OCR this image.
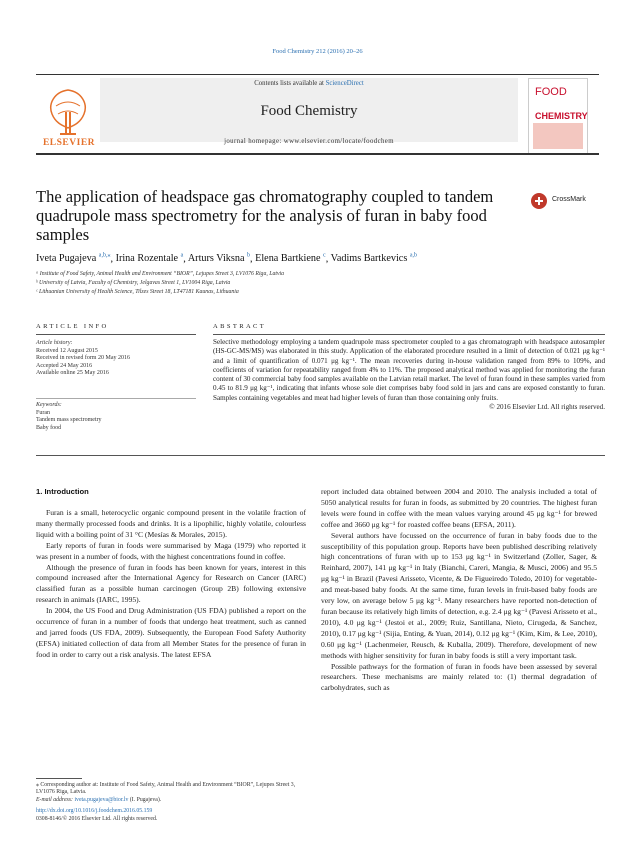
Food Chemistry 212 (2016) 20–26
Contents lists available at ScienceDirect
Food Chemistry
journal homepage: www.elsevier.com/locate/foodchem
ELSEVIER
FOOD
CHEMISTRY
The application of headspace gas chromatography coupled to tandem quadrupole mass spectrometry for the analysis of furan in baby food samples
CrossMark
Iveta Pugajeva $^{a,b,⁎}$, Irina Rozentale $^a$, Arturs Viksna $^b$, Elena Bartkiene $^c$, Vadims Bartkevics $^{a,b}$
ᵃ Institute of Food Safety, Animal Health and Environment “BIOR”, Lejupes Street 3, LV1076 Riga, Latvia
ᵇ University of Latvia, Faculty of Chemistry, Jelgavas Street 1, LV1004 Riga, Latvia
ᶜ Lithuanian University of Health Science, Tilzes Street 18, LT47181 Kaunas, Lithuania
ARTICLE INFO	ABSTRACT
Article history:
Received 12 August 2015
Received in revised form 20 May 2016
Accepted 24 May 2016
Available online 25 May 2016
Keywords:
Furan
Tandem mass spectrometry
Baby food
Selective methodology employing a tandem quadrupole mass spectrometer coupled to a gas chromatograph with headspace autosampler (HS-GC-MS/MS) was elaborated in this study. Application of the elaborated procedure resulted in a limit of detection of 0.021 μg kg⁻¹ and a limit of quantification of 0.071 μg kg⁻¹. The mean recoveries during in-house validation ranged from 89% to 109%, and coefficients of variation for repeatability ranged from 4% to 11%. The proposed analytical method was applied for monitoring the furan content of 30 commercial baby food samples available on the Latvian retail market. The level of furan found in these samples varied from 0.45 to 81.9 μg kg⁻¹, indicating that infants whose sole diet comprises baby food sold in jars and cans are exposed constantly to furan. Samples containing vegetables and meat had higher levels of furan than those containing only fruits.
© 2016 Elsevier Ltd. All rights reserved.
1. Introduction

Furan is a small, heterocyclic organic compound present in the volatile fraction of many thermally processed foods and drinks. It is a lipophilic, highly volatile, colourless liquid with a boiling point of 31 °C (Mesías & Morales, 2015).

Early reports of furan in foods were summarised by Maga (1979) who reported it was present in a number of foods, with the highest concentrations found in coffee.

Although the presence of furan in foods has been known for years, interest in this compound increased after the International Agency for Research on Cancer (IARC) classified furan as a possible human carcinogen (Group 2B) following extensive research in animals (IARC, 1995).

In 2004, the US Food and Drug Administration (US FDA) published a report on the occurrence of furan in a number of foods that undergo heat treatment, such as canned and jarred foods (US FDA, 2009). Subsequently, the European Food Safety Authority (EFSA) initiated collection of data from all Member States for the presence of furan in food in order to carry out a risk analysis. The latest EFSA

report included data obtained between 2004 and 2010. The analysis included a total of 5050 analytical results for furan in foods, as submitted by 20 countries. The highest furan levels were found in coffee with the mean values varying around 45 μg kg⁻¹ for brewed coffee and 3660 μg kg⁻¹ for roasted coffee beans (EFSA, 2011).

Several authors have focussed on the occurrence of furan in baby foods due to the susceptibility of this population group. Reports have been published describing relatively high concentrations of furan with up to 153 μg kg⁻¹ in Switzerland (Zoller, Sager, & Reinhard, 2007), 141 μg kg⁻¹ in Italy (Bianchi, Careri, Mangia, & Musci, 2006) and 95.5 μg kg⁻¹ in Brazil (Pavesi Arisseto, Vicente, & De Figueiredo Toledo, 2010) for vegetable- and meat-based baby foods. At the same time, furan levels in fruit-based baby foods are very low, on average below 5 μg kg⁻¹. Many researchers have reported non-detection of furan because its relatively high limits of detection, e.g. 2.4 μg kg⁻¹ (Pavesi Arisseto et al., 2010), 4.0 μg kg⁻¹ (Jestoi et al., 2009; Ruiz, Santillana, Nieto, Cirugeda, & Sanchez, 2010), 0.17 μg kg⁻¹ (Sijia, Enting, & Yuan, 2014), 0.12 μg kg⁻¹ (Kim, Kim, & Lee, 2010), 0.60 μg kg⁻¹ (Lachenmeier, Reusch, & Kuballa, 2009). Therefore, development of new methods with higher sensitivity for furan in baby foods is still a very important task.

Possible pathways for the formation of furan in foods have been assessed by several researchers. These mechanisms are mainly related to: (1) thermal degradation of carbohydrates, such as

⁎ Corresponding author at: Institute of Food Safety, Animal Health and Environment “BIOR”, Lejupes Street 3, LV1076 Riga, Latvia.
E-mail address: iveta.pugajeva@bior.lv (I. Pugajeva).
http://dx.doi.org/10.1016/j.foodchem.2016.05.159
0308-8146/© 2016 Elsevier Ltd. All rights reserved.
